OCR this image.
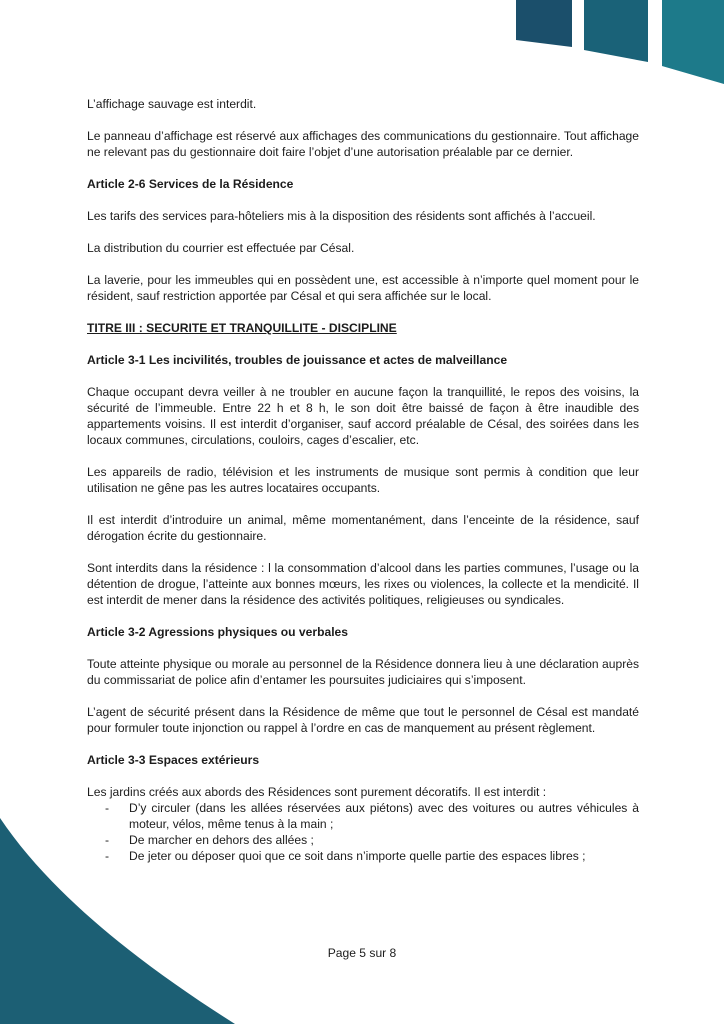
L’affichage sauvage est interdit.

Le panneau d’affichage est réservé aux affichages des communications du gestionnaire. Tout affichage ne relevant pas du gestionnaire doit faire l’objet d’une autorisation préalable par ce dernier.

Article 2-6 Services de la Résidence

Les tarifs des services para-hôteliers mis à la disposition des résidents sont affichés à l’accueil.

La distribution du courrier est effectuée par Césal.

La laverie, pour les immeubles qui en possèdent une, est accessible à n’importe quel moment pour le résident, sauf restriction apportée par Césal et qui sera affichée sur le local.

TITRE III : SECURITE ET TRANQUILLITE - DISCIPLINE

Article 3-1 Les incivilités, troubles de jouissance et actes de malveillance

Chaque occupant devra veiller à ne troubler en aucune façon la tranquillité, le repos des voisins, la sécurité de l’immeuble. Entre 22 h et 8 h, le son doit être baissé de façon à être inaudible des appartements voisins. Il est interdit d’organiser, sauf accord préalable de Césal, des soirées dans les locaux communes, circulations, couloirs, cages d’escalier, etc.

Les appareils de radio, télévision et les instruments de musique sont permis à condition que leur utilisation ne gêne pas les autres locataires occupants.

Il est interdit d’introduire un animal, même momentanément, dans l’enceinte de la résidence, sauf dérogation écrite du gestionnaire.

Sont interdits dans la résidence : l la consommation d’alcool dans les parties communes, l’usage ou la détention de drogue, l’atteinte aux bonnes mœurs, les rixes ou violences, la collecte et la mendicité. Il est interdit de mener dans la résidence des activités politiques, religieuses ou syndicales.

Article 3-2 Agressions physiques ou verbales

Toute atteinte physique ou morale au personnel de la Résidence donnera lieu à une déclaration auprès du commissariat de police afin d’entamer les poursuites judiciaires qui s’imposent.

L’agent de sécurité présent dans la Résidence de même que tout le personnel de Césal est mandaté pour formuler toute injonction ou rappel à l’ordre en cas de manquement au présent règlement.

Article 3-3 Espaces extérieurs

Les jardins créés aux abords des Résidences sont purement décoratifs. Il est interdit :

- D’y circuler (dans les allées réservées aux piétons) avec des voitures ou autres véhicules à moteur, vélos, même tenus à la main ;
- De marcher en dehors des allées ;
- De jeter ou déposer quoi que ce soit dans n’importe quelle partie des espaces libres ;
Page 5 sur 8
